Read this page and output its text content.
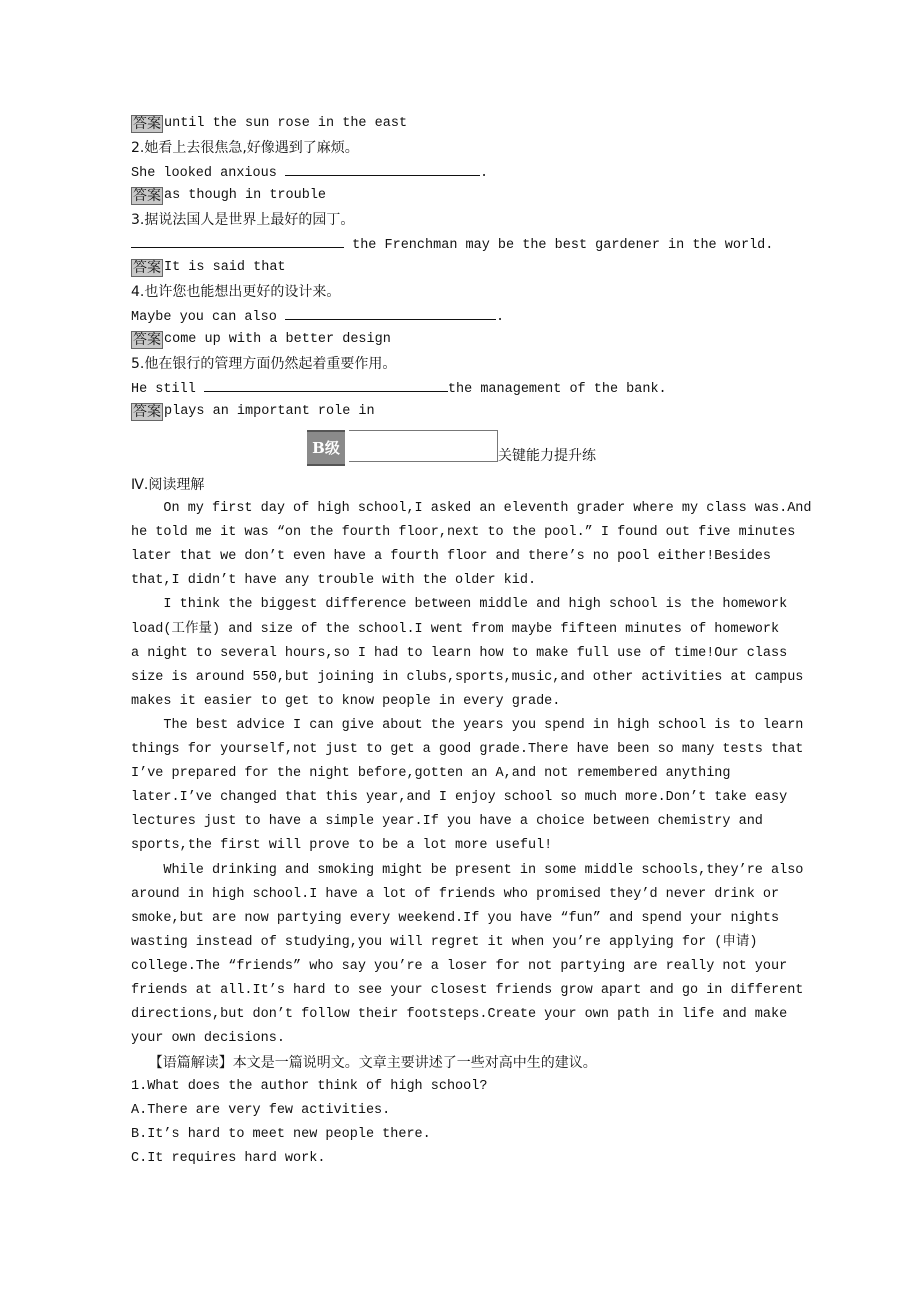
答案 until the sun rose in the east
2.她看上去很焦急,好像遇到了麻烦。
She looked anxious	.
答案 as though in trouble
3.据说法国人是世界上最好的园丁。
the Frenchman may be the best gardener in the world.
答案 It is said that
4.也许您也能想出更好的设计来。
Maybe you can also	.
答案 come up with a better design
5.他在银行的管理方面仍然起着重要作用。
He still	the management of the bank.
答案 plays an important role in
B级	关键能力提升练
Ⅳ.阅读理解
On my first day of high school,I asked an eleventh grader where my class was.And
he told me it was “on the fourth floor,next to the pool.” I found out five minutes
later that we don’t even have a fourth floor and there’s no pool either!Besides
that,I didn’t have any trouble with the older kid.
I think the biggest difference between middle and high school is the homework
load(工作量) and size of the school.I went from maybe fifteen minutes of homework
a night to several hours,so I had to learn how to make full use of time!Our class
size is around 550,but joining in clubs,sports,music,and other activities at campus
makes it easier to get to know people in every grade.
The best advice I can give about the years you spend in high school is to learn
things for yourself,not just to get a good grade.There have been so many tests that
I’ve prepared for the night before,gotten an A,and not remembered anything
later.I’ve changed that this year,and I enjoy school so much more.Don’t take easy
lectures just to have a simple year.If you have a choice between chemistry and
sports,the first will prove to be a lot more useful!
While drinking and smoking might be present in some middle schools,they’re also
around in high school.I have a lot of friends who promised they’d never drink or
smoke,but are now partying every weekend.If you have “fun” and spend your nights
wasting instead of studying,you will regret it when you’re applying for (申请)
college.The “friends” who say you’re a loser for not partying are really not your
friends at all.It’s hard to see your closest friends grow apart and go in different
directions,but don’t follow their footsteps.Create your own path in life and make
your own decisions.
【语篇解读】本文是一篇说明文。文章主要讲述了一些对高中生的建议。
1.What does the author think of high school?
A.There are very few activities.
B.It’s hard to meet new people there.
C.It requires hard work.
